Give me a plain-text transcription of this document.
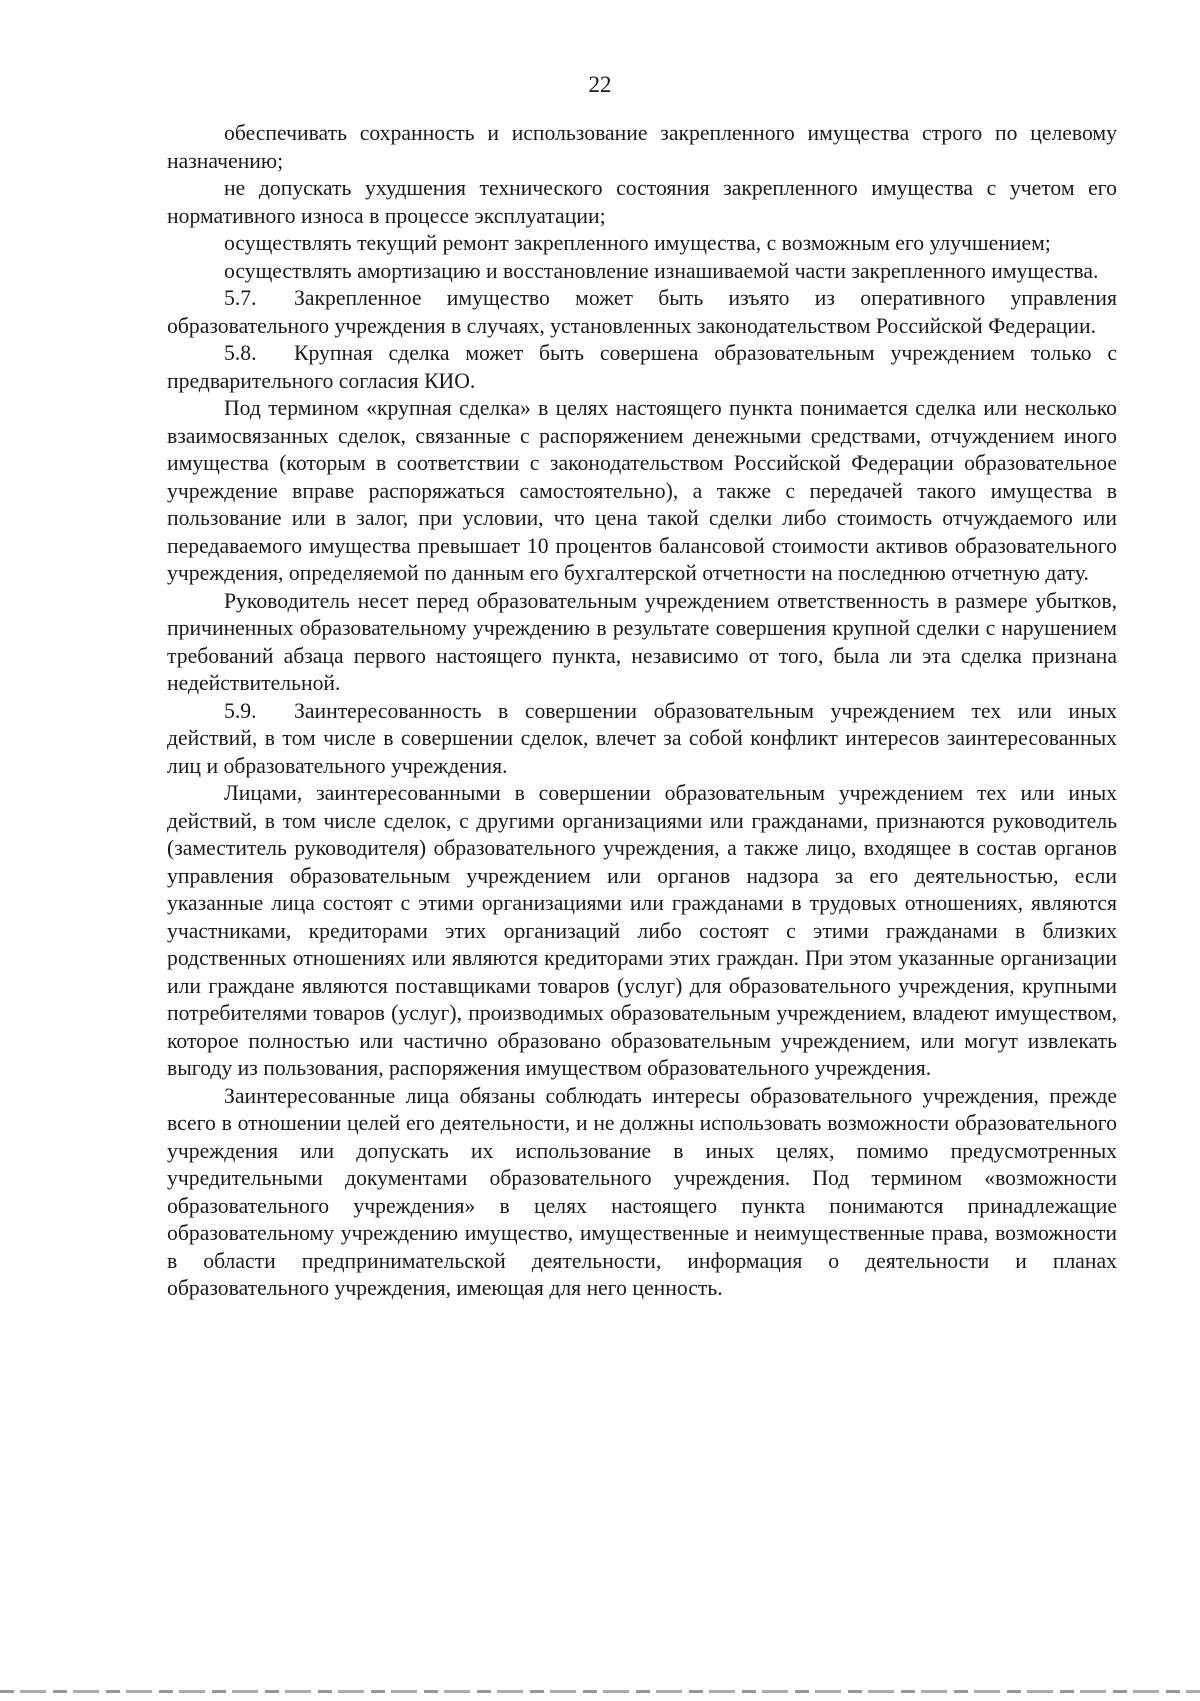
22

обеспечивать сохранность и использование закрепленного имущества строго по целевому назначению;

не допускать ухудшения технического состояния закрепленного имущества с учетом его нормативного износа в процессе эксплуатации;

осуществлять текущий ремонт закрепленного имущества, с возможным его улучшением;

осуществлять амортизацию и восстановление изнашиваемой части закрепленного имущества.

5.7. Закрепленное имущество может быть изъято из оперативного управления образовательного учреждения в случаях, установленных законодательством Российской Федерации.

5.8. Крупная сделка может быть совершена образовательным учреждением только с предварительного согласия КИО.

Под термином «крупная сделка» в целях настоящего пункта понимается сделка или несколько взаимосвязанных сделок, связанные с распоряжением денежными средствами, отчуждением иного имущества (которым в соответствии с законодательством Российской Федерации образовательное учреждение вправе распоряжаться самостоятельно), а также с передачей такого имущества в пользование или в залог, при условии, что цена такой сделки либо стоимость отчуждаемого или передаваемого имущества превышает 10 процентов балансовой стоимости активов образовательного учреждения, определяемой по данным его бухгалтерской отчетности на последнюю отчетную дату.

Руководитель несет перед образовательным учреждением ответственность в размере убытков, причиненных образовательному учреждению в результате совершения крупной сделки с нарушением требований абзаца первого настоящего пункта, независимо от того, была ли эта сделка признана недействительной.

5.9. Заинтересованность в совершении образовательным учреждением тех или иных действий, в том числе в совершении сделок, влечет за собой конфликт интересов заинтересованных лиц и образовательного учреждения.

Лицами, заинтересованными в совершении образовательным учреждением тех или иных действий, в том числе сделок, с другими организациями или гражданами, признаются руководитель (заместитель руководителя) образовательного учреждения, а также лицо, входящее в состав органов управления образовательным учреждением или органов надзора за его деятельностью, если указанные лица состоят с этими организациями или гражданами в трудовых отношениях, являются участниками, кредиторами этих организаций либо состоят с этими гражданами в близких родственных отношениях или являются кредиторами этих граждан. При этом указанные организации или граждане являются поставщиками товаров (услуг) для образовательного учреждения, крупными потребителями товаров (услуг), производимых образовательным учреждением, владеют имуществом, которое полностью или частично образовано образовательным учреждением, или могут извлекать выгоду из пользования, распоряжения имуществом образовательного учреждения.

Заинтересованные лица обязаны соблюдать интересы образовательного учреждения, прежде всего в отношении целей его деятельности, и не должны использовать возможности образовательного учреждения или допускать их использование в иных целях, помимо предусмотренных учредительными документами образовательного учреждения. Под термином «возможности образовательного учреждения» в целях настоящего пункта понимаются принадлежащие образовательному учреждению имущество, имущественные и неимущественные права, возможности в области предпринимательской деятельности, информация о деятельности и планах образовательного учреждения, имеющая для него ценность.
